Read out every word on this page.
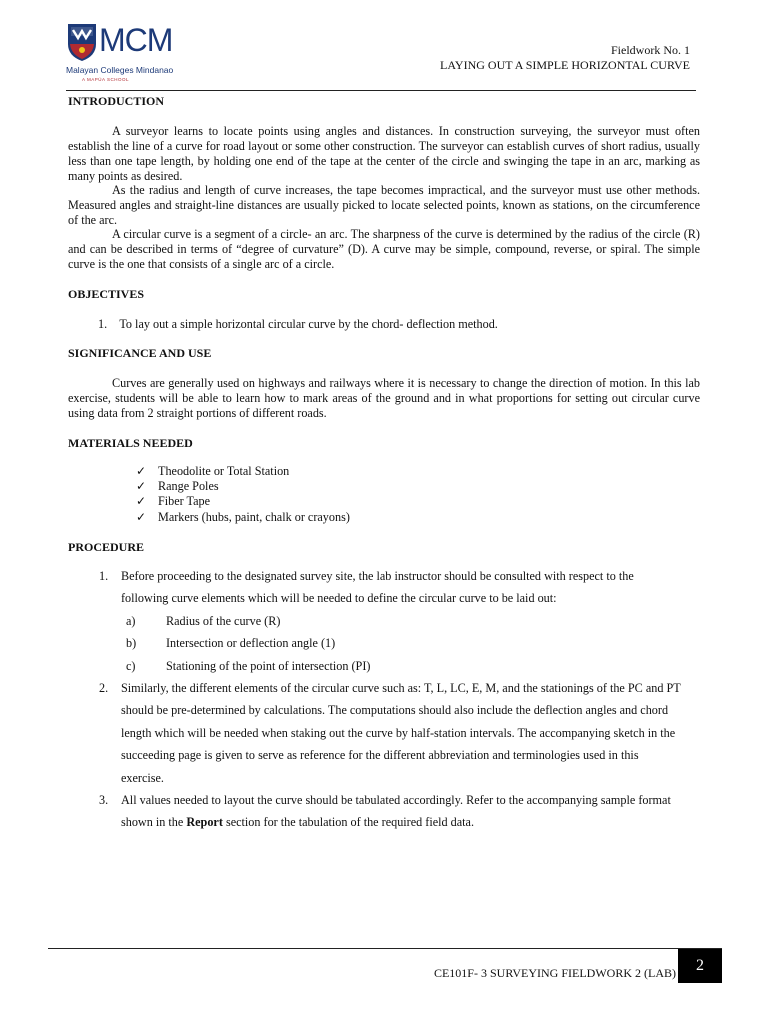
MCM
Malayan Colleges Mindanao
A MAPÚA SCHOOL
Fieldwork No. 1
LAYING OUT A SIMPLE HORIZONTAL CURVE
INTRODUCTION
A surveyor learns to locate points using angles and distances. In construction surveying, the surveyor must often establish the line of a curve for road layout or some other construction. The surveyor can establish curves of short radius, usually less than one tape length, by holding one end of the tape at the center of the circle and swinging the tape in an arc, marking as many points as desired.
As the radius and length of curve increases, the tape becomes impractical, and the surveyor must use other methods. Measured angles and straight-line distances are usually picked to locate selected points, known as stations, on the circumference of the arc.
A circular curve is a segment of a circle- an arc. The sharpness of the curve is determined by the radius of the circle (R) and can be described in terms of “degree of curvature” (D). A curve may be simple, compound, reverse, or spiral. The simple curve is the one that consists of a single arc of a circle.
OBJECTIVES
1. To lay out a simple horizontal circular curve by the chord- deflection method.
SIGNIFICANCE AND USE
Curves are generally used on highways and railways where it is necessary to change the direction of motion. In this lab exercise, students will be able to learn how to mark areas of the ground and in what proportions for setting out circular curve using data from 2 straight portions of different roads.
MATERIALS NEEDED
✓ Theodolite or Total Station
✓ Range Poles
✓ Fiber Tape
✓ Markers (hubs, paint, chalk or crayons)
PROCEDURE
1.	Before proceeding to the designated survey site, the lab instructor should be consulted with respect to the
following curve elements which will be needed to define the circular curve to be laid out:
a)	Radius of the curve (R)
b)	Intersection or deflection angle (1)
c)	Stationing of the point of intersection (PI)
2.	Similarly, the different elements of the circular curve such as: T, L, LC, E, M, and the stationings of the PC and PT
should be pre-determined by calculations. The computations should also include the deflection angles and chord
length which will be needed when staking out the curve by half-station intervals. The accompanying sketch in the
succeeding page is given to serve as reference for the different abbreviation and terminologies used in this
exercise.
3.	All values needed to layout the curve should be tabulated accordingly. Refer to the accompanying sample format
shown in the Report section for the tabulation of the required field data.
CE101F- 3 SURVEYING FIELDWORK 2 (LAB)	2
